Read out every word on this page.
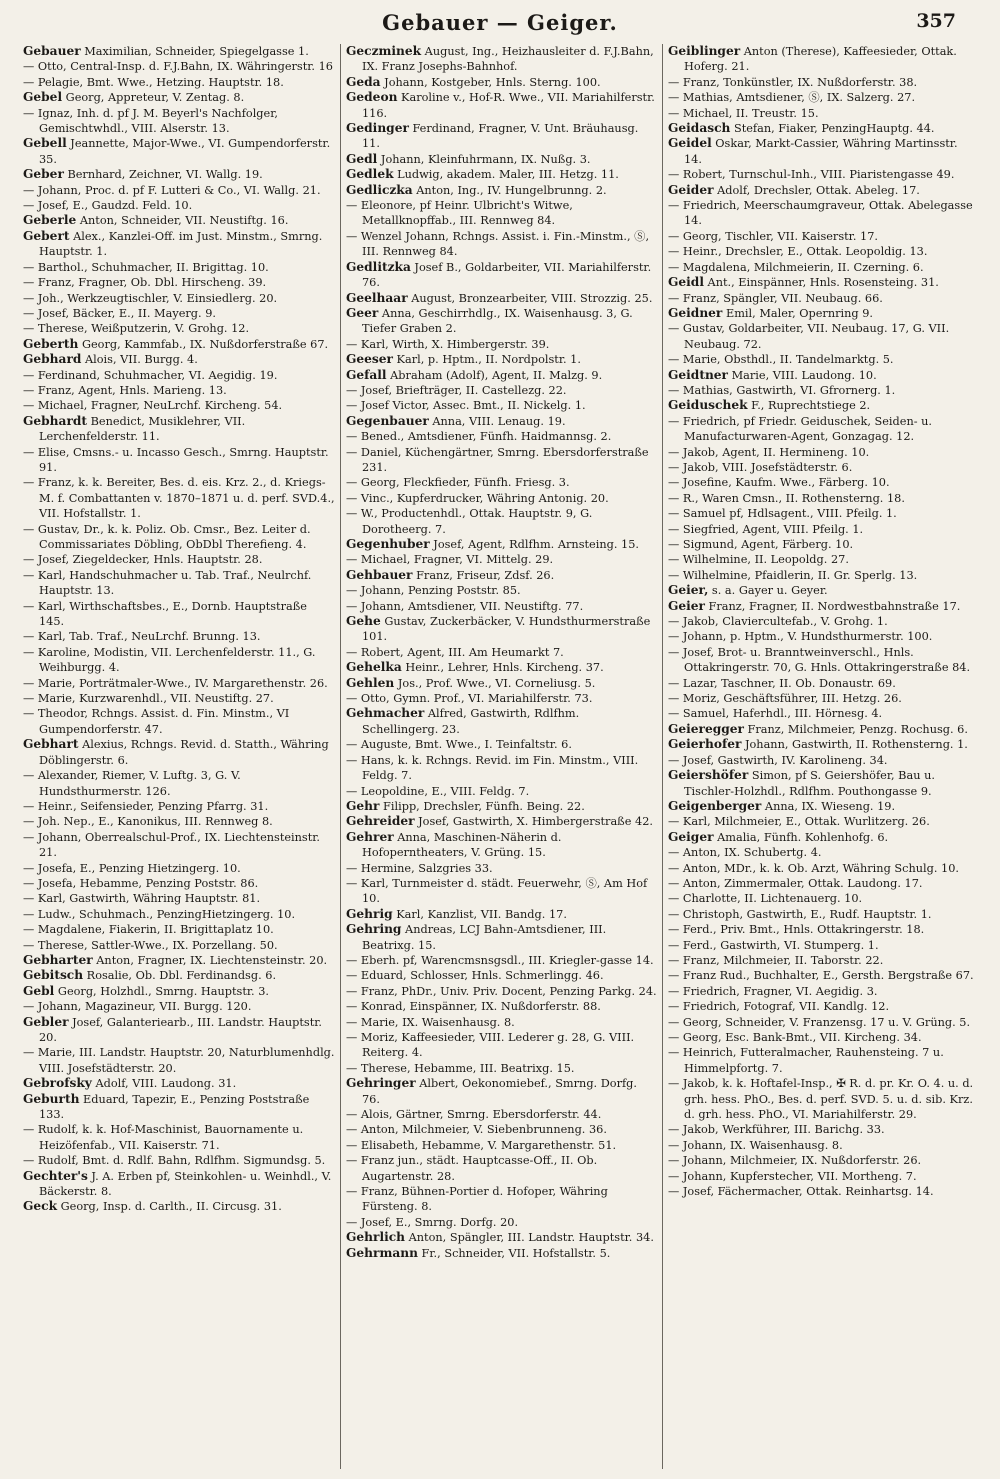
Gebauer — Geiger.	357
Gebauer Maximilian, Schneider, Spiegelgasse 1.
— Otto, Central-Insp. d. F.J.Bahn, IX. Währingerstr. 16
— Pelagie, Bmt. Wwe., Hetzing. Hauptstr. 18.
Gebel Georg, Appreteur, V. Zentag. 8.
— Ignaz, Inh. d. pf J. M. Beyerl's Nachfolger, Gemischtwhdl., VIII. Alserstr. 13.
Gebell Jeannette, Major-Wwe., VI. Gumpendorferstr. 35.
Geber Bernhard, Zeichner, VI. Wallg. 19.
— Johann, Proc. d. pf F. Lutteri & Co., VI. Wallg. 21.
— Josef, E., Gaudzd. Feld. 10.
Geberle Anton, Schneider, VII. Neustiftg. 16.
Gebert Alex., Kanzlei-Off. im Just. Minstm., Smrng. Hauptstr. 1.
— Barthol., Schuhmacher, II. Brigittag. 10.
— Franz, Fragner, Ob. Dbl. Hirscheng. 39.
— Joh., Werkzeugtischler, V. Einsiedlerg. 20.
— Josef, Bäcker, E., II. Mayerg. 9.
— Therese, Weißputzerin, V. Grohg. 12.
Geberth Georg, Kammfab., IX. Nußdorferstraße 67.
Gebhard Alois, VII. Burgg. 4.
— Ferdinand, Schuhmacher, VI. Aegidig. 19.
— Franz, Agent, Hnls. Marieng. 13.
— Michael, Fragner, NeuLrchf. Kircheng. 54.
Gebhardt Benedict, Musiklehrer, VII. Lerchenfelderstr. 11.
— Elise, Cmsns.- u. Incasso Gesch., Smrng. Hauptstr. 91.
— Franz, k. k. Bereiter, Bes. d. eis. Krz. 2., d. Kriegs-M. f. Combattanten v. 1870–1871 u. d. perf. SVD.4., VII. Hofstallstr. 1.
— Gustav, Dr., k. k. Poliz. Ob. Cmsr., Bez. Leiter d. Commissariates Döbling, ObDbl Therefieng. 4.
— Josef, Ziegeldecker, Hnls. Hauptstr. 28.
— Karl, Handschuhmacher u. Tab. Traf., Neulrchf. Hauptstr. 13.
— Karl, Wirthschaftsbes., E., Dornb. Hauptstraße 145.
— Karl, Tab. Traf., NeuLrchf. Brunng. 13.
— Karoline, Modistin, VII. Lerchenfelderstr. 11., G. Weihburgg. 4.
— Marie, Porträtmaler-Wwe., IV. Margarethenstr. 26.
— Marie, Kurzwarenhdl., VII. Neustiftg. 27.
— Theodor, Rchngs. Assist. d. Fin. Minstm., VI Gumpendorferstr. 47.
Gebhart Alexius, Rchngs. Revid. d. Statth., Währing Döblingerstr. 6.
— Alexander, Riemer, V. Luftg. 3, G. V. Hundsthurmerstr. 126.
— Heinr., Seifensieder, Penzing Pfarrg. 31.
— Joh. Nep., E., Kanonikus, III. Rennweg 8.
— Johann, Oberrealschul-Prof., IX. Liechtensteinstr. 21.
— Josefa, E., Penzing Hietzingerg. 10.
— Josefa, Hebamme, Penzing Poststr. 86.
— Karl, Gastwirth, Währing Hauptstr. 81.
— Ludw., Schuhmach., PenzingHietzingerg. 10.
— Magdalene, Fiakerin, II. Brigittaplatz 10.
— Therese, Sattler-Wwe., IX. Porzellang. 50.
Gebharter Anton, Fragner, IX. Liechtensteinstr. 20.
Gebitsch Rosalie, Ob. Dbl. Ferdinandsg. 6.
Gebl Georg, Holzhdl., Smrng. Hauptstr. 3.
— Johann, Magazineur, VII. Burgg. 120.
Gebler Josef, Galanteriearb., III. Landstr. Hauptstr. 20.
— Marie, III. Landstr. Hauptstr. 20, Naturblumenhdlg. VIII. Josefstädterstr. 20.
Gebrofsky Adolf, VIII. Laudong. 31.
Geburth Eduard, Tapezir, E., Penzing Poststraße 133.
— Rudolf, k. k. Hof-Maschinist, Bauornamente u. Heizöfenfab., VII. Kaiserstr. 71.
— Rudolf, Bmt. d. Rdlf. Bahn, Rdlfhm. Sigmundsg. 5.
Gechter's J. A. Erben pf, Steinkohlen- u. Weinhdl., V. Bäckerstr. 8.
Geck Georg, Insp. d. Carlth., II. Circusg. 31.
Geczminek August, Ing., Heizhausleiter d. F.J.Bahn, IX. Franz Josephs-Bahnhof.
Geda Johann, Kostgeber, Hnls. Sterng. 100.
Gedeon Karoline v., Hof-R. Wwe., VII. Mariahilferstr. 116.
Gedinger Ferdinand, Fragner, V. Unt. Bräuhausg. 11.
Gedl Johann, Kleinfuhrmann, IX. Nußg. 3.
Gedlek Ludwig, akadem. Maler, III. Hetzg. 11.
Gedliczka Anton, Ing., IV. Hungelbrunng. 2.
— Eleonore, pf Heinr. Ulbricht's Witwe, Metallknopffab., III. Rennweg 84.
— Wenzel Johann, Rchngs. Assist. i. Fin.-Minstm., Ⓢ, III. Rennweg 84.
Gedlitzka Josef B., Goldarbeiter, VII. Mariahilferstr. 76.
Geelhaar August, Bronzearbeiter, VIII. Strozzig. 25.
Geer Anna, Geschirrhdlg., IX. Waisenhausg. 3, G. Tiefer Graben 2.
— Karl, Wirth, X. Himbergerstr. 39.
Geeser Karl, p. Hptm., II. Nordpolstr. 1.
Gefall Abraham (Adolf), Agent, II. Malzg. 9.
— Josef, Briefträger, II. Castellezg. 22.
— Josef Victor, Assec. Bmt., II. Nickelg. 1.
Gegenbauer Anna, VIII. Lenaug. 19.
— Bened., Amtsdiener, Fünfh. Haidmannsg. 2.
— Daniel, Küchengärtner, Smrng. Ebersdorferstraße 231.
— Georg, Fleckfieder, Fünfh. Friesg. 3.
— Vinc., Kupferdrucker, Währing Antonig. 20.
— W., Productenhdl., Ottak. Hauptstr. 9, G. Dorotheerg. 7.
Gegenhuber Josef, Agent, Rdlfhm. Arnsteing. 15.
— Michael, Fragner, VI. Mittelg. 29.
Gehbauer Franz, Friseur, Zdsf. 26.
— Johann, Penzing Poststr. 85.
— Johann, Amtsdiener, VII. Neustiftg. 77.
Gehe Gustav, Zuckerbäcker, V. Hundsthurmerstraße 101.
— Robert, Agent, III. Am Heumarkt 7.
Gehelka Heinr., Lehrer, Hnls. Kircheng. 37.
Gehlen Jos., Prof. Wwe., VI. Corneliusg. 5.
— Otto, Gymn. Prof., VI. Mariahilferstr. 73.
Gehmacher Alfred, Gastwirth, Rdlfhm. Schellingerg. 23.
— Auguste, Bmt. Wwe., I. Teinfaltstr. 6.
— Hans, k. k. Rchngs. Revid. im Fin. Minstm., VIII. Feldg. 7.
— Leopoldine, E., VIII. Feldg. 7.
Gehr Filipp, Drechsler, Fünfh. Being. 22.
Gehreider Josef, Gastwirth, X. Himbergerstraße 42.
Gehrer Anna, Maschinen-Näherin d. Hofoperntheaters, V. Grüng. 15.
— Hermine, Salzgries 33.
— Karl, Turnmeister d. städt. Feuerwehr, Ⓢ, Am Hof 10.
Gehrig Karl, Kanzlist, VII. Bandg. 17.
Gehring Andreas, LCJ Bahn-Amtsdiener, III. Beatrixg. 15.
— Eberh. pf, Warencmsnsgsdl., III. Kriegler-gasse 14.
— Eduard, Schlosser, Hnls. Schmerlingg. 46.
— Franz, PhDr., Univ. Priv. Docent, Penzing Parkg. 24.
— Konrad, Einspänner, IX. Nußdorferstr. 88.
— Marie, IX. Waisenhausg. 8.
— Moriz, Kaffeesieder, VIII. Lederer g. 28, G. VIII. Reiterg. 4.
— Therese, Hebamme, III. Beatrixg. 15.
Gehringer Albert, Oekonomiebef., Smrng. Dorfg. 76.
— Alois, Gärtner, Smrng. Ebersdorferstr. 44.
— Anton, Milchmeier, V. Siebenbrunneng. 36.
— Elisabeth, Hebamme, V. Margarethenstr. 51.
— Franz jun., städt. Hauptcasse-Off., II. Ob. Augartenstr. 28.
— Franz, Bühnen-Portier d. Hofoper, Währing Fürsteng. 8.
— Josef, E., Smrng. Dorfg. 20.
Gehrlich Anton, Spängler, III. Landstr. Hauptstr. 34.
Gehrmann Fr., Schneider, VII. Hofstallstr. 5.
Geiblinger Anton (Therese), Kaffeesieder, Ottak. Hoferg. 21.
— Franz, Tonkünstler, IX. Nußdorferstr. 38.
— Mathias, Amtsdiener, Ⓢ, IX. Salzerg. 27.
— Michael, II. Treustr. 15.
Geidasch Stefan, Fiaker, PenzingHauptg. 44.
Geidel Oskar, Markt-Cassier, Währing Martinsstr. 14.
— Robert, Turnschul-Inh., VIII. Piaristengasse 49.
Geider Adolf, Drechsler, Ottak. Abeleg. 17.
— Friedrich, Meerschaumgraveur, Ottak. Abelegasse 14.
— Georg, Tischler, VII. Kaiserstr. 17.
— Heinr., Drechsler, E., Ottak. Leopoldig. 13.
— Magdalena, Milchmeierin, II. Czerning. 6.
Geidl Ant., Einspänner, Hnls. Rosensteing. 31.
— Franz, Spängler, VII. Neubaug. 66.
Geidner Emil, Maler, Opernring 9.
— Gustav, Goldarbeiter, VII. Neubaug. 17, G. VII. Neubaug. 72.
— Marie, Obsthdl., II. Tandelmarktg. 5.
Geidtner Marie, VIII. Laudong. 10.
— Mathias, Gastwirth, VI. Gfrornerg. 1.
Geiduschek F., Ruprechtstiege 2.
— Friedrich, pf Friedr. Geiduschek, Seiden- u. Manufacturwaren-Agent, Gonzagag. 12.
— Jakob, Agent, II. Hermineng. 10.
— Jakob, VIII. Josefstädterstr. 6.
— Josefine, Kaufm. Wwe., Färberg. 10.
— R., Waren Cmsn., II. Rothensterng. 18.
— Samuel pf, Hdlsagent., VIII. Pfeilg. 1.
— Siegfried, Agent, VIII. Pfeilg. 1.
— Sigmund, Agent, Färberg. 10.
— Wilhelmine, II. Leopoldg. 27.
— Wilhelmine, Pfaidlerin, II. Gr. Sperlg. 13.
Geier, s. a. Gayer u. Geyer.
Geier Franz, Fragner, II. Nordwestbahnstraße 17.
— Jakob, Claviercultefab., V. Grohg. 1.
— Johann, p. Hptm., V. Hundsthurmerstr. 100.
— Josef, Brot- u. Branntweinverschl., Hnls. Ottakringerstr. 70, G. Hnls. Ottakringerstraße 84.
— Lazar, Taschner, II. Ob. Donaustr. 69.
— Moriz, Geschäftsführer, III. Hetzg. 26.
— Samuel, Haferhdl., III. Hörnesg. 4.
Geieregger Franz, Milchmeier, Penzg. Rochusg. 6.
Geierhofer Johann, Gastwirth, II. Rothensterng. 1.
— Josef, Gastwirth, IV. Karolineng. 34.
Geiershöfer Simon, pf S. Geiershöfer, Bau u. Tischler-Holzhdl., Rdlfhm. Pouthongasse 9.
Geigenberger Anna, IX. Wieseng. 19.
— Karl, Milchmeier, E., Ottak. Wurlitzerg. 26.
Geiger Amalia, Fünfh. Kohlenhofg. 6.
— Anton, IX. Schubertg. 4.
— Anton, MDr., k. k. Ob. Arzt, Währing Schulg. 10.
— Anton, Zimmermaler, Ottak. Laudong. 17.
— Charlotte, II. Lichtenauerg. 10.
— Christoph, Gastwirth, E., Rudf. Hauptstr. 1.
— Ferd., Priv. Bmt., Hnls. Ottakringerstr. 18.
— Ferd., Gastwirth, VI. Stumperg. 1.
— Franz, Milchmeier, II. Taborstr. 22.
— Franz Rud., Buchhalter, E., Gersth. Bergstraße 67.
— Friedrich, Fragner, VI. Aegidig. 3.
— Friedrich, Fotograf, VII. Kandlg. 12.
— Georg, Schneider, V. Franzensg. 17 u. V. Grüng. 5.
— Georg, Esc. Bank-Bmt., VII. Kircheng. 34.
— Heinrich, Futteralmacher, Rauhensteing. 7 u. Himmelpfortg. 7.
— Jakob, k. k. Hoftafel-Insp., ✠ R. d. pr. Kr. O. 4. u. d. grh. hess. PhO., Bes. d. perf. SVD. 5. u. d. sib. Krz. d. grh. hess. PhO., VI. Mariahilferstr. 29.
— Jakob, Werkführer, III. Barichg. 33.
— Johann, IX. Waisenhausg. 8.
— Johann, Milchmeier, IX. Nußdorferstr. 26.
— Johann, Kupferstecher, VII. Mortheng. 7.
— Josef, Fächermacher, Ottak. Reinhartsg. 14.
